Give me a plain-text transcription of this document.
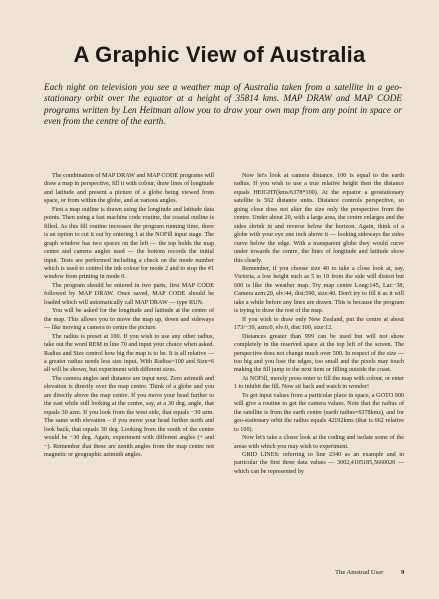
A Graphic View of Australia
Each night on television you see a weather map of Australia taken from a satellite in a geo-stationary orbit over the equator at a height of 35814 kms. MAP DRAW and MAP CODE programs written by Len Heitman allow you to draw your own map from any point in space or even from the centre of the earth.

The combination of MAP DRAW and MAP CODE programs will draw a map in perspective, fill it with colour, draw lines of longitude and latitude and present a picture of a globe being viewed from space, or from within the globe, and at various angles.

First a map outline is drawn using the longitude and latitude data points. Then using a fast machine code routine, the coastal outline is filled. As this fill routine increases the program running time, there is an option to cut it out by entering 1 at the NOFill input stage. The graph window has two spaces on the left — the top holds the map centre and camera angles used — the bottom records the initial input. Tests are performed including a check on the mode number which is used to control the ink colour for mode 2 and to stop the #1 window from printing in mode 0.

The program should be entered in two parts, first MAP CODE followed by MAP DRAW. Once saved, MAP CODE should be loaded which will automatically call MAP DRAW — type RUN.

You will be asked for the longitude and latitude at the centre of the map. This allows you to move the map up, down and sideways — like moving a camera to centre the picture.

The radius is preset at 100. If you wish to use any other radius, take out the word REM in line 70 and input your choice when asked. Radius and Size control how big the map is to be. It is all relative — a greater radius needs less size input. With Radius=100 and Size=6 all will be shown, but experiment with different sizes.

The camera angles and distance are input next. Zero azimuth and elevation is directly over the map centre. Think of a globe and you are directly above the map centre. If you move your head further to the east while still looking at the centre, say, at a 30 deg. angle, that equals 30 azm. If you look from the west side, that equals −30 azm. The same with elevation – if you move your head further north and look back, that equals 30 deg. Looking from the south of the centre would be −30 deg. Again, experiment with different angles (+ and −). Remember that these are zenith angles from the map centre not magnetic or geographic azimuth angles.

Now let's look at camera distance. 100 is equal to the earth radius. If you wish to use a true relative height then the distance equals HEIGHT(kms/6378*100). At the equator a geostationary satellite is 562 distance units. Distance controls perspective, so going close does not alter the size only the perspective from the centre. Under about 20, with a large area, the centre enlarges and the sides shrink in and reverse below the horizon. Again, think of a globe with your eye one inch above it — looking sideways the sides curve below the edge. With a transparent globe they would curve under towards the centre, the lines of longitude and latitude show this clearly.

Remember, if you choose size 40 to take a close look at, say, Victoria, a low height such as 5 to 10 from the side will distort but 600 is like the weather map. Try map centre Long:145, Lat:−38, Camera azm:20, elv:44, dist:590, size:40. Don't try to fill it as it will take a while before any lines are drawn. This is because the program is trying to draw the rest of the map.

If you wish to draw only New Zealand, put the centre at about 173/−39, azm:0, elv:0, dist:100, size:12.

Distances greater than 999 can be used but will not show completely in the reserved space at the top left of the screen. The perspective does not change much over 500. In respect of the size — too big and you lose the edges, too small and the pixels may touch making the fill jump to the next item or filling outside the coast.

At NOFill, merely press enter to fill the map with colour, or enter 1 to inhibit the fill. Now sit back and watch in wonder!

To get input values from a particular place in space, a GOTO 900 will give a routine to get the camera values. Note that the radius of the satellite is from the earth centre (earth radius=6378kms), and for geo-stationary orbit the radius equals 42192kms (that is 662 relative to 100).

Now let's take a closer look at the coding and isolate some of the areas with which you may wish to experiment.

GRID LINES: referring to line 2340 as an example and in particular the first three data values — 3002,4105185,5660020 — which can be represented by

The Amstrad User	9
